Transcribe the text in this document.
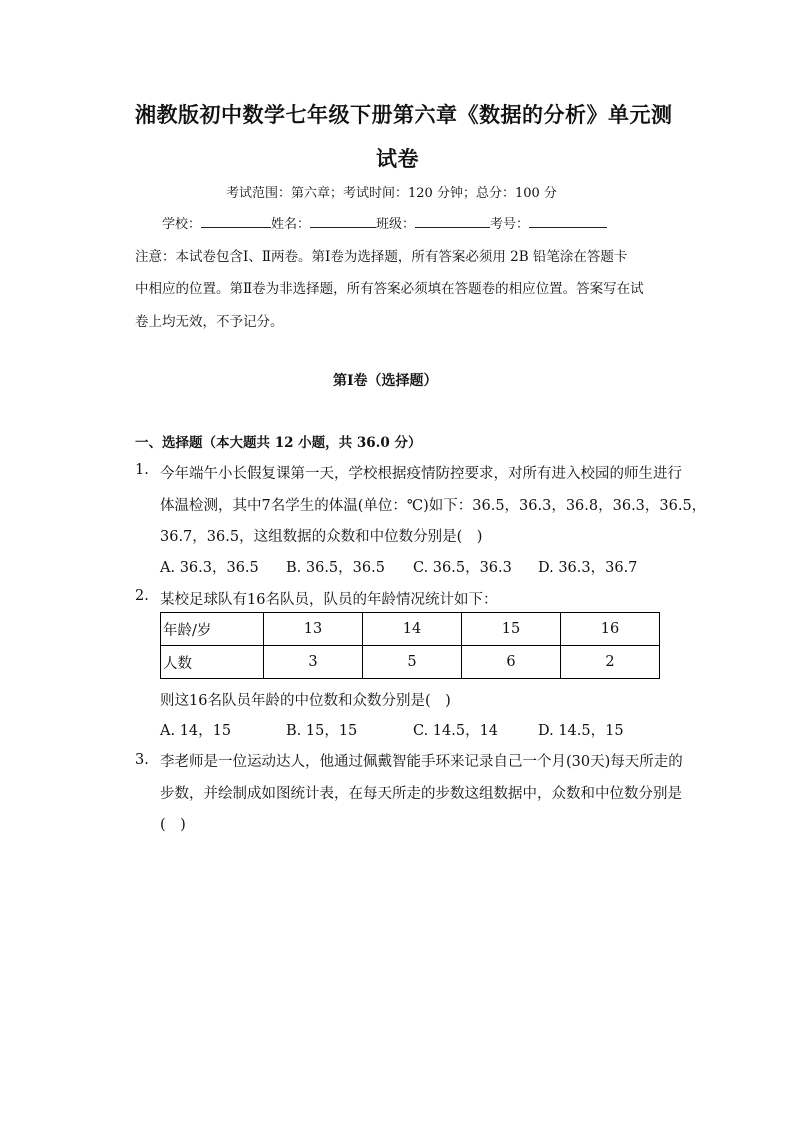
湘教版初中数学七年级下册第六章《数据的分析》单元测
试卷
考试范围：第六章；考试时间：120 分钟；总分：100 分
学校：	姓名：	班级：	考号：
注意：本试卷包含Ⅰ、Ⅱ两卷。第Ⅰ卷为选择题，所有答案必须用 2B 铅笔涂在答题卡
中相应的位置。第Ⅱ卷为非选择题，所有答案必须填在答题卷的相应位置。答案写在试
卷上均无效，不予记分。
第Ⅰ卷（选择题）
一、选择题（本大题共 12 小题，共 36.0 分）
1. 今年端午小长假复课第一天，学校根据疫情防控要求，对所有进入校园的师生进行
体温检测，其中7名学生的体温(单位：℃)如下：36.5，36.3，36.8，36.3，36.5，
36.7，36.5，这组数据的众数和中位数分别是(　)
A. 36.3，36.5 B. 36.5，36.5 C. 36.5，36.3 D. 36.3，36.7
2. 某校足球队有16名队员，队员的年龄情况统计如下：
年龄/岁	13	14	15	16
人数	3	5	6	2
则这16名队员年龄的中位数和众数分别是(　)
A. 14，15	B. 15，15	C. 14.5，14	D. 14.5，15
3. 李老师是一位运动达人，他通过佩戴智能手环来记录自己一个月(30天)每天所走的
步数，并绘制成如图统计表，在每天所走的步数这组数据中，众数和中位数分别是
(　)
